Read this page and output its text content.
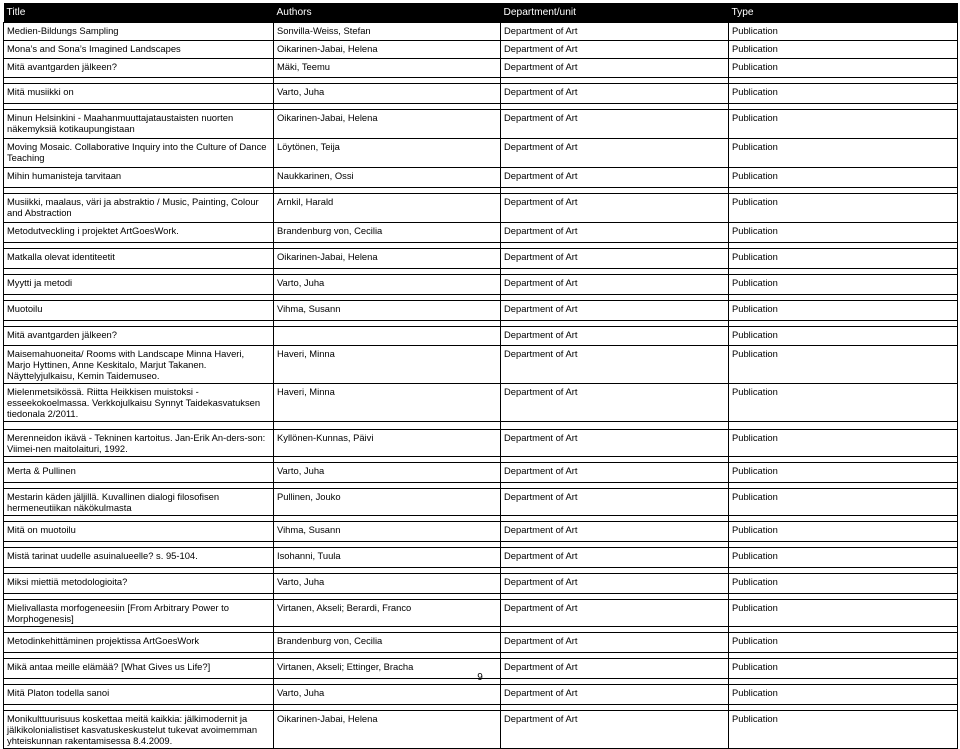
Title	Authors	Department/unit	Type
Medien-Bildungs Sampling	Sonvilla-Weiss, Stefan	Department of Art	Publication
Mona’s and Sona’s Imagined Landscapes	Oikarinen-Jabai, Helena	Department of Art	Publication
Mitä avantgarden jälkeen?	Mäki, Teemu	Department of Art	Publication

Mitä musiikki on	Varto, Juha	Department of Art	Publication

Minun Helsinkini - Maahanmuuttajataustaisten nuorten näkemyksiä kotikaupungistaan	Oikarinen-Jabai, Helena	Department of Art	Publication
Moving Mosaic. Collaborative Inquiry into the Culture of Dance Teaching	Löytönen, Teija	Department of Art	Publication
Mihin humanisteja tarvitaan	Naukkarinen, Ossi	Department of Art	Publication

Musiikki, maalaus, väri ja abstraktio / Music, Painting, Colour and Abstraction	Arnkil, Harald	Department of Art	Publication
Metodutveckling i projektet ArtGoesWork.	Brandenburg von, Cecilia	Department of Art	Publication

Matkalla olevat identiteetit	Oikarinen-Jabai, Helena	Department of Art	Publication

Myytti ja metodi	Varto, Juha	Department of Art	Publication

Muotoilu	Vihma, Susann	Department of Art	Publication

Mitä avantgarden jälkeen?		Department of Art	Publication
Maisemahuoneita/ Rooms with Landscape Minna Haveri, Marjo Hyttinen, Anne Keskitalo, Marjut Takanen. Näyttelyjulkaisu, Kemin Taidemuseo.	Haveri, Minna	Department of Art	Publication
Mielenmetsikössä. Riitta Heikkisen muistoksi - esseekokoelmassa. Verkkojulkaisu Synnyt Taidekasvatuksen tiedonala 2/2011.	Haveri, Minna	Department of Art	Publication

Merenneidon ikävä - Tekninen kartoitus. Jan-Erik An-ders-son: Viimei-nen maitolaituri, 1992.	Kyllönen-Kunnas, Päivi	Department of Art	Publication

Merta & Pullinen	Varto, Juha	Department of Art	Publication

Mestarin käden jäljillä. Kuvallinen dialogi filosofisen hermeneutiikan näkökulmasta	Pullinen, Jouko	Department of Art	Publication

Mitä on muotoilu	Vihma, Susann	Department of Art	Publication

Mistä tarinat uudelle asuinalueelle? s. 95-104.	Isohanni, Tuula	Department of Art	Publication

Miksi miettiä metodologioita?	Varto, Juha	Department of Art	Publication

Mielivallasta morfogeneesiin [From Arbitrary Power to Morphogenesis]	Virtanen, Akseli; Berardi, Franco	Department of Art	Publication

Metodinkehittäminen projektissa ArtGoesWork	Brandenburg von, Cecilia	Department of Art	Publication

Mikä antaa meille elämää? [What Gives us Life?]	Virtanen, Akseli; Ettinger, Bracha	Department of Art	Publication

Mitä Platon todella sanoi	Varto, Juha	Department of Art	Publication

Monikulttuurisuus koskettaa meitä kaikkia: jälkimodernit ja jälkikolonialistiset kasvatuskeskustelut tukevat avoimemman yhteiskunnan rakentamisessa 8.4.2009.	Oikarinen-Jabai, Helena	Department of Art	Publication
9
